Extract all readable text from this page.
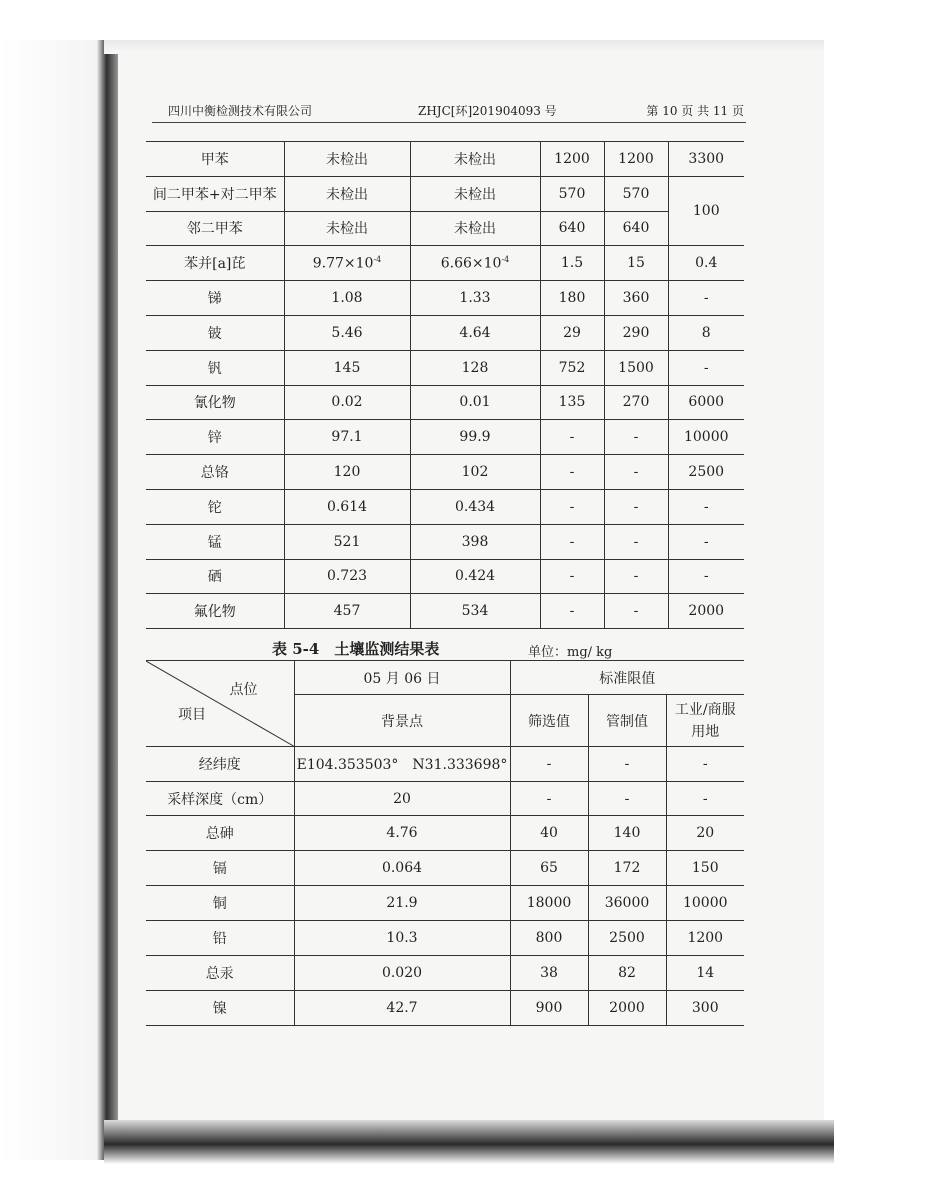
四川中衡检测技术有限公司	ZHJC[环]201904093 号	第 10 页 共 11 页
甲苯	未检出	未检出	1200	1200	3300
间二甲苯+对二甲苯	未检出	未检出	570	570	100
邻二甲苯	未检出	未检出	640	640	
苯并[a]芘	$9.77\times 10^{-4}$	$6.66\times 10^{-4}$	1.5	15	0.4
锑	1.08	1.33	180	360	-
铍	5.46	4.64	29	290	8
钒	145	128	752	1500	-
氰化物	0.02	0.01	135	270	6000
锌	97.1	99.9	-	-	10000
总铬	120	102	-	-	2500
铊	0.614	0.434	-	-	-
锰	521	398	-	-	-
硒	0.723	0.424	-	-	-
氟化物	457	534	-	-	2000
表 5-4　土壤监测结果表	单位：mg/ kg
点位
项目	05 月 06 日	标准限值		
	背景点	筛选值	管制值	工业/商服用地
经纬度	E104.353503°　N31.333698°	-	-	-
采样深度（cm）	20	-	-	-
总砷	4.76	40	140	20
镉	0.064	65	172	150
铜	21.9	18000	36000	10000
铅	10.3	800	2500	1200
总汞	0.020	38	82	14
镍	42.7	900	2000	300
